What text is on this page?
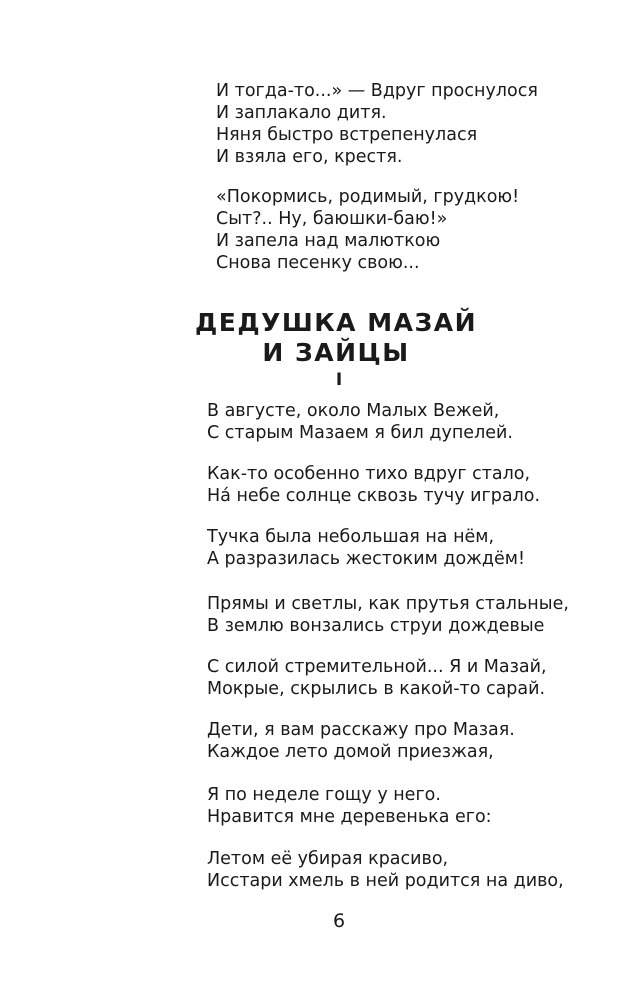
И тогда-то...» — Вдруг проснулося
И заплакало дитя.
Няня быстро встрепенулася
И взяла его, крестя.
«Покормись, родимый, грудкою!
Сыт?.. Ну, баюшки-баю!»
И запела над малюткою
Снова песенку свою...
ДЕДУШКА МАЗАЙ
И ЗАЙЦЫ
I
В августе, около Малых Вежей,
С старым Мазаем я бил дупелей.
Как-то особенно тихо вдруг стало,
На́ небе солнце сквозь тучу играло.
Тучка была небольшая на нём,
А разразилась жестоким дождём!
Прямы и светлы, как прутья стальные,
В землю вонзались струи дождевые
С силой стремительной... Я и Мазай,
Мокрые, скрылись в какой-то сарай.
Дети, я вам расскажу про Мазая.
Каждое лето домой приезжая,
Я по неделе гощу у него.
Нравится мне деревенька его:
Летом её убирая красиво,
Исстари хмель в ней родится на диво,
6
